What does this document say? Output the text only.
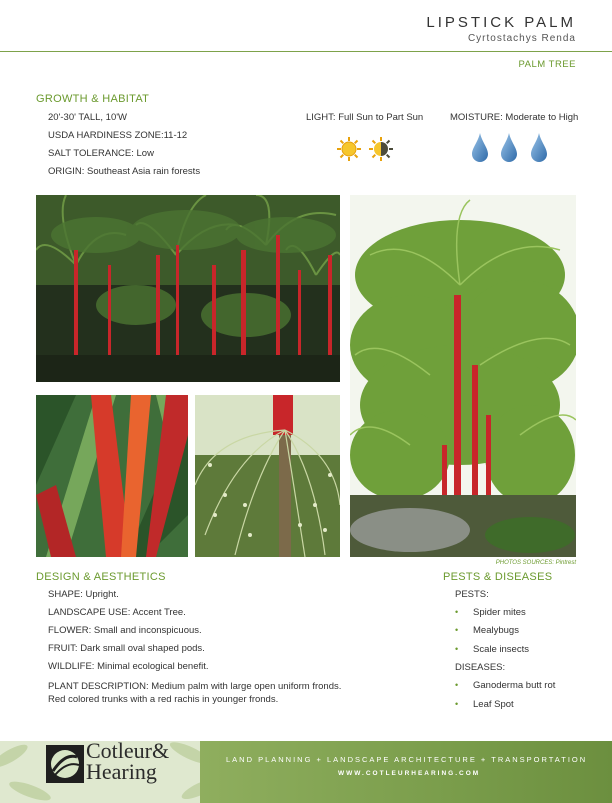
LIPSTICK PALM
Cyrtostachys Renda
PALM TREE
GROWTH & HABITAT
20'-30' TALL, 10'W
USDA HARDINESS ZONE:11-12
SALT TOLERANCE: Low
ORIGIN: Southeast Asia rain forests
LIGHT: Full Sun to Part Sun	MOISTURE: Moderate to High
PHOTOS SOURCES: Pintrest
DESIGN & AESTHETICS
SHAPE: Upright.
LANDSCAPE USE: Accent Tree.
FLOWER: Small and inconspicuous.
FRUIT: Dark small oval shaped pods.
WILDLIFE: Minimal ecological benefit.
PLANT DESCRIPTION: Medium palm with large open uniform fronds.
Red colored trunks with a red rachis in younger fronds.
PESTS & DISEASES
PESTS:
• Spider mites
• Mealybugs
• Scale insects
DISEASES:
• Ganoderma butt rot
• Leaf Spot
Cotleur&
Hearing	LAND PLANNING + LANDSCAPE ARCHITECTURE + TRANSPORTATION
WWW.COTLEURHEARING.COM
